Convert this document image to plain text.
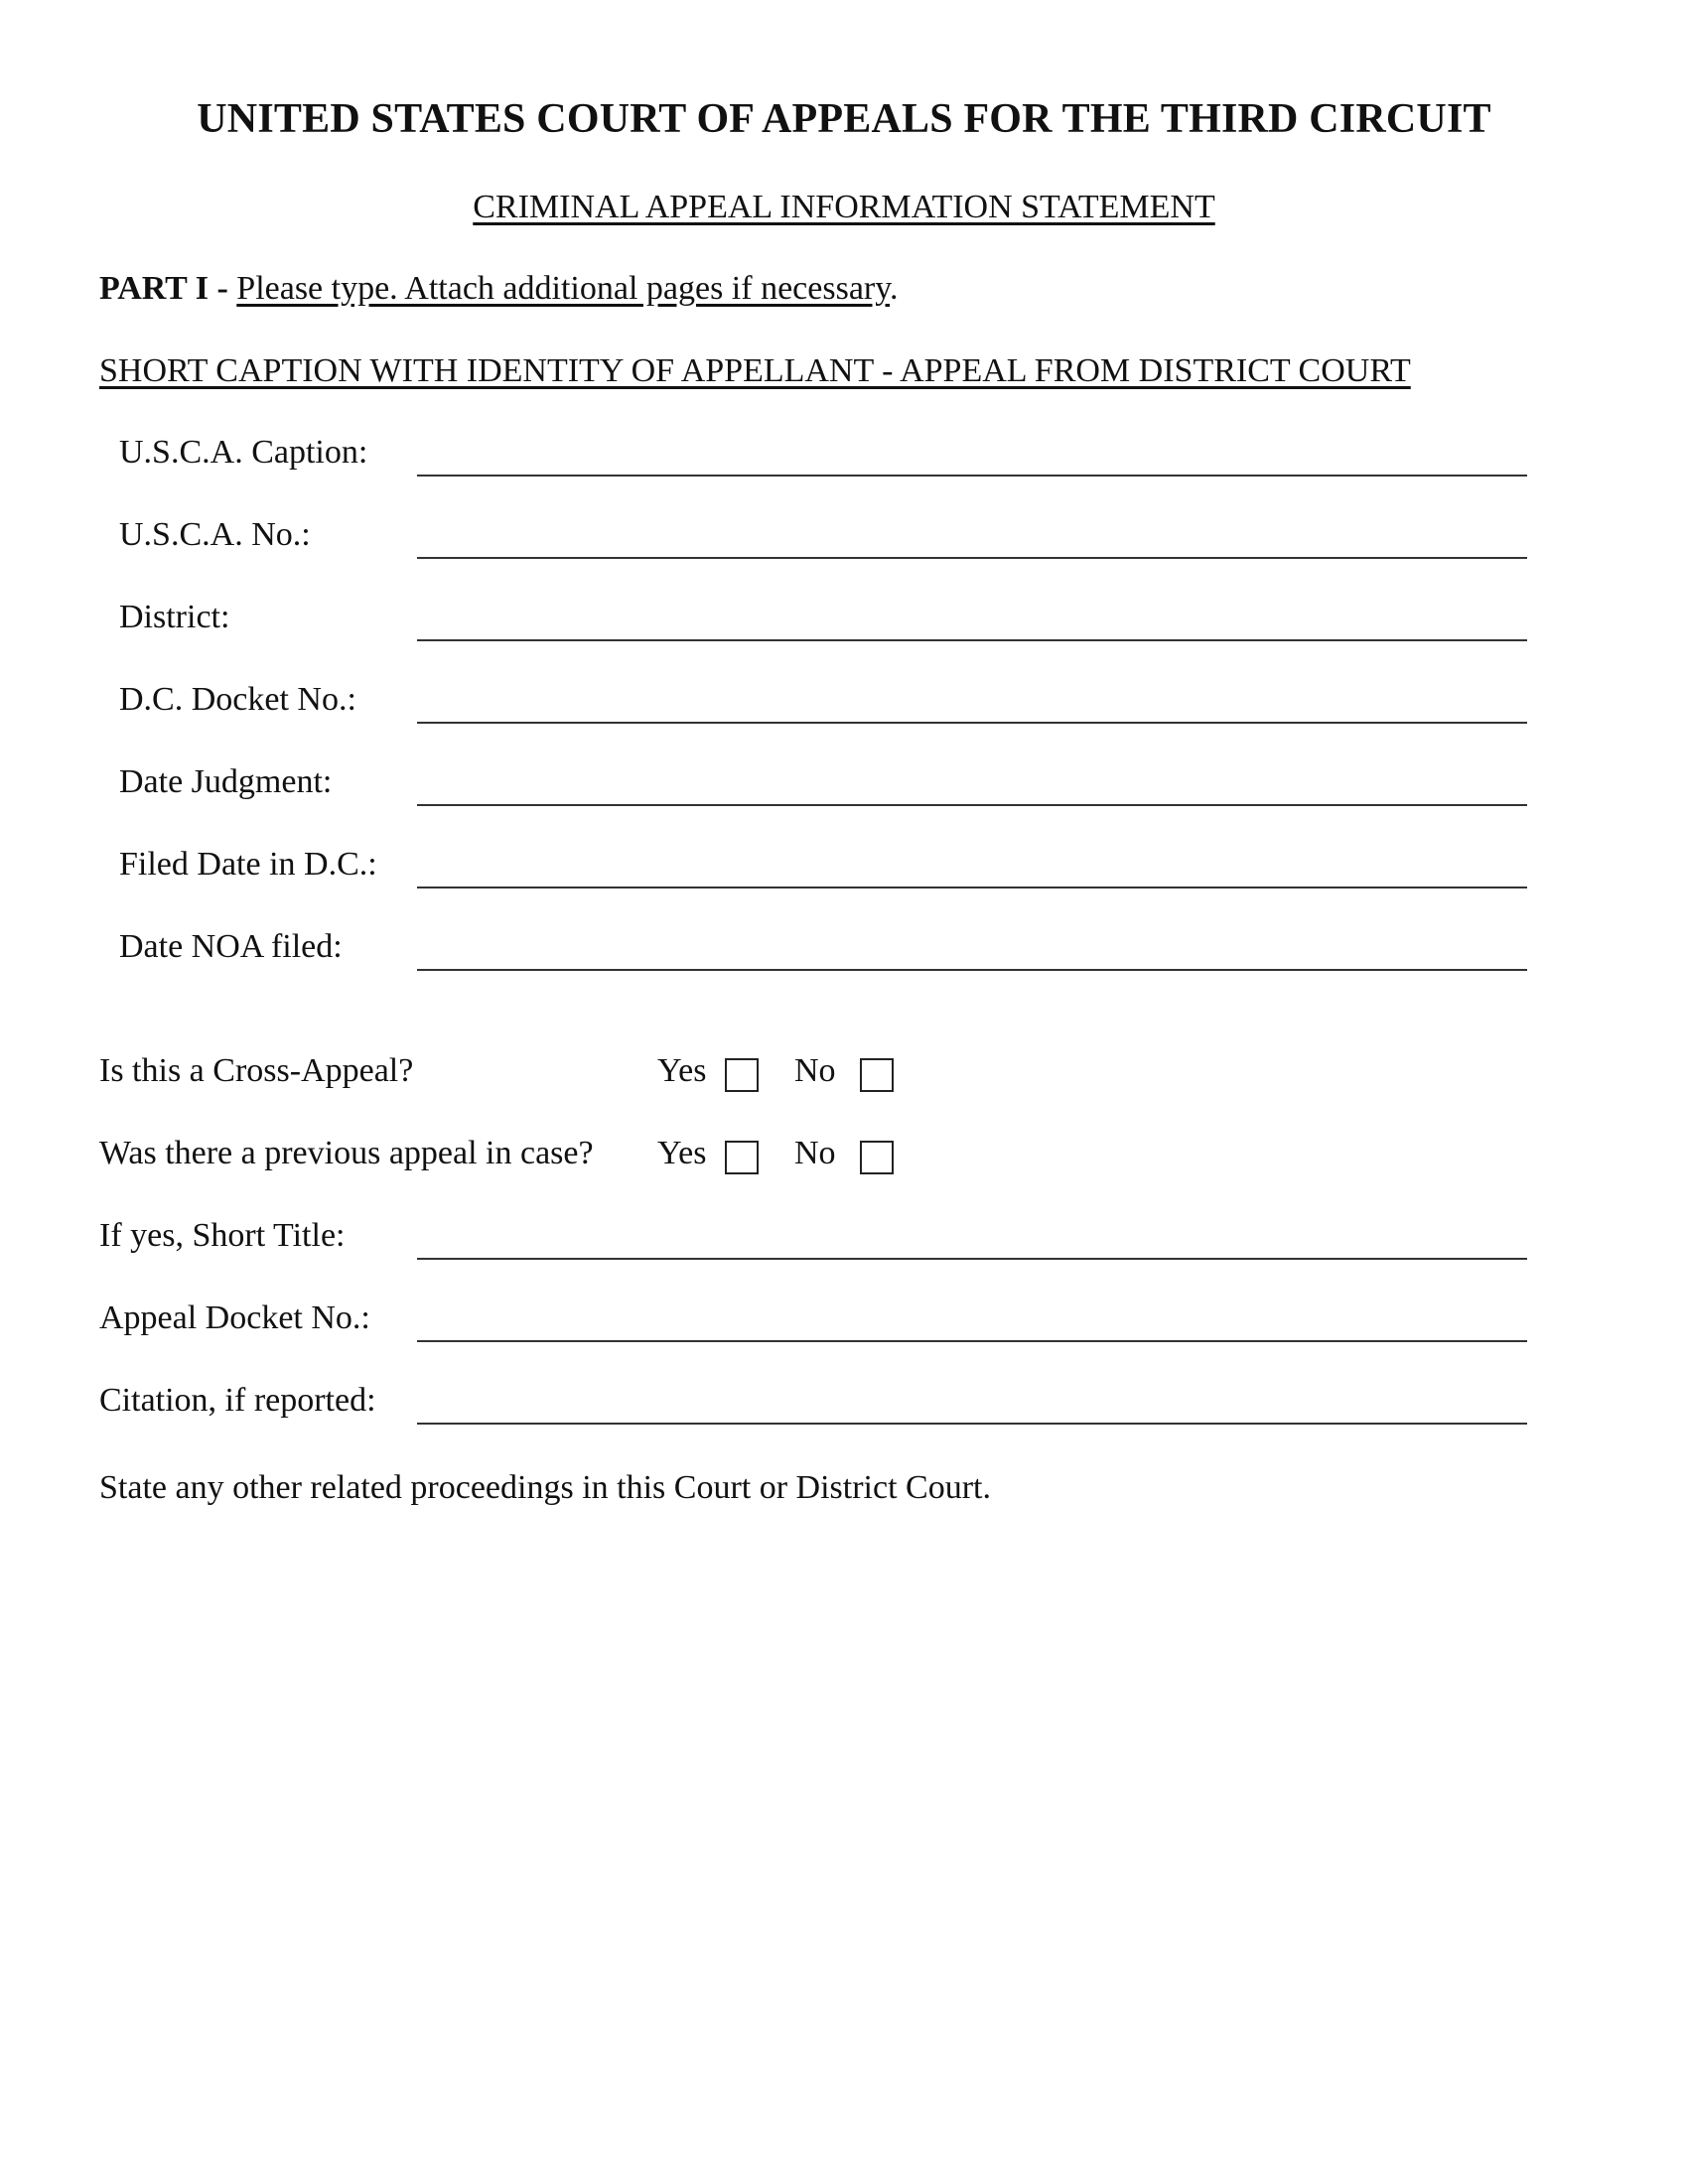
UNITED STATES COURT OF APPEALS FOR THE THIRD CIRCUIT
CRIMINAL APPEAL INFORMATION STATEMENT
PART I - Please type. Attach additional pages if necessary.
SHORT CAPTION WITH IDENTITY OF APPELLANT - APPEAL FROM DISTRICT COURT
U.S.C.A. Caption:
U.S.C.A. No.:
District:
D.C. Docket No.:
Date Judgment:
Filed Date in D.C.:
Date NOA filed:
Is this a Cross-Appeal?	Yes	No
Was there a previous appeal in case? Yes	No
If yes, Short Title:
Appeal Docket No.:
Citation, if reported:
State any other related proceedings in this Court or District Court.
